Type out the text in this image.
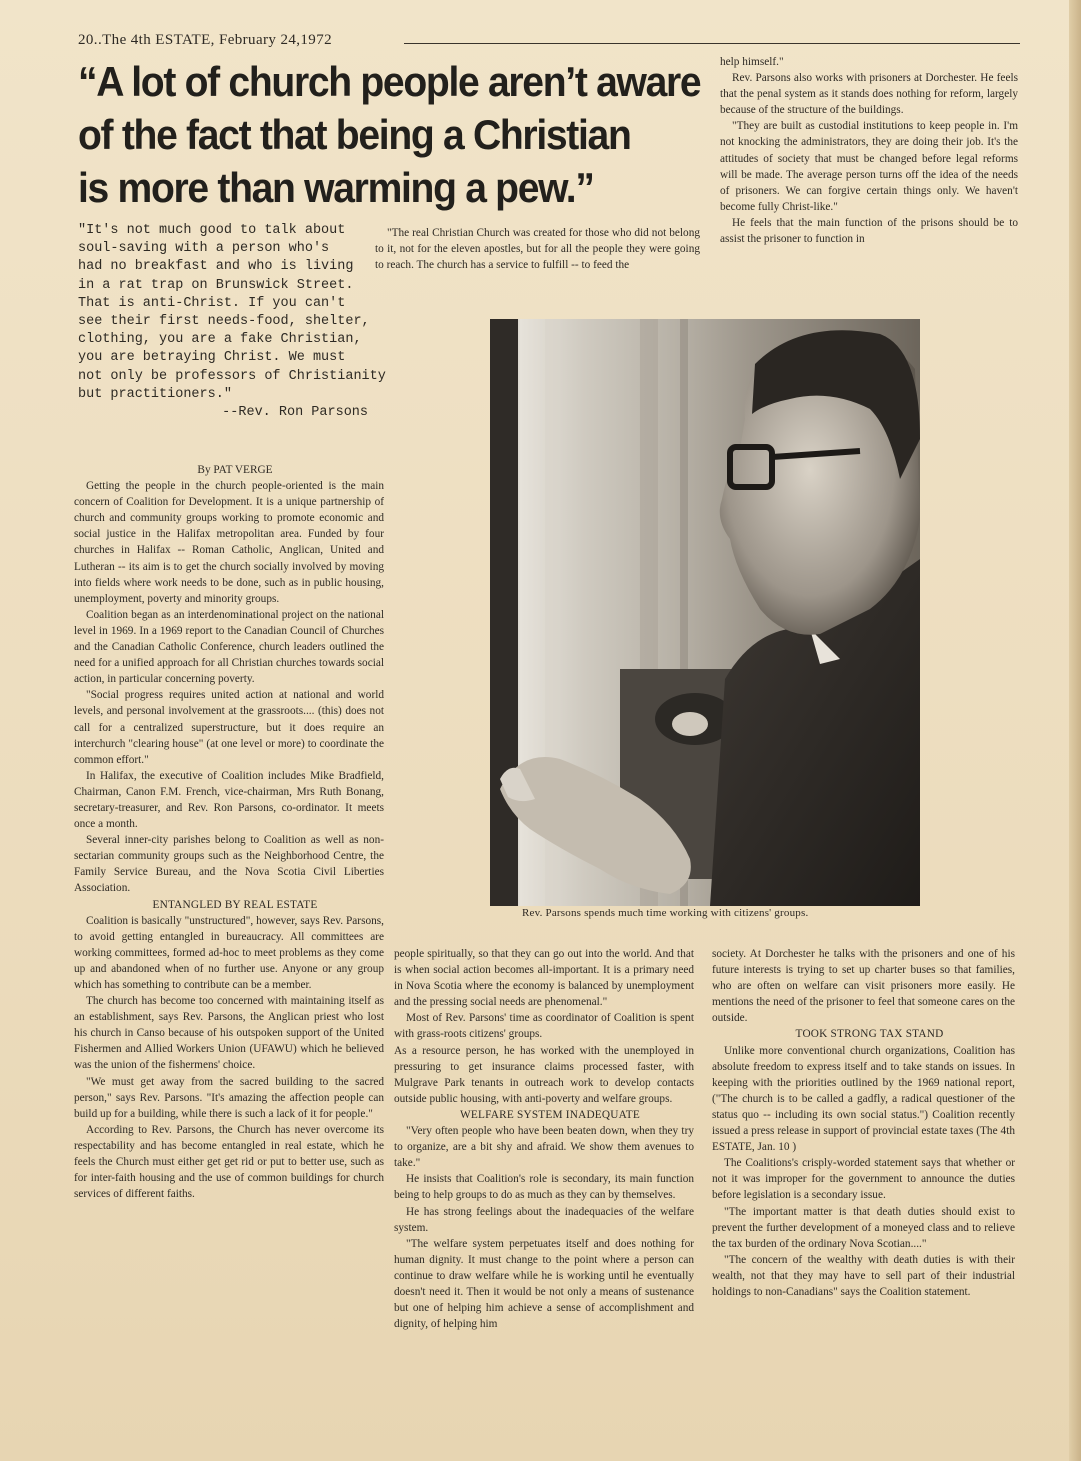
20..The 4th ESTATE, February 24,1972
“A lot of church people aren’t aware
of the fact that being a Christian
is more than warming a pew.”
"It's not much good to talk about
soul-saving with a person who's
had no breakfast and who is living
in a rat trap on Brunswick Street.
That is anti-Christ. If you can't
see their first needs-food, shelter,
clothing, you are a fake Christian,
you are betraying Christ. We must
not only be professors of Christianity
but practitioners."
--Rev. Ron Parsons

By PAT VERGE

Getting the people in the church people-oriented is the main concern of Coalition for Development. It is a unique partnership of church and community groups working to promote economic and social justice in the Halifax metropolitan area. Funded by four churches in Halifax -- Roman Catholic, Anglican, United and Lutheran -- its aim is to get the church socially involved by moving into fields where work needs to be done, such as in public housing, unemployment, poverty and minority groups.

Coalition began as an interdenominational project on the national level in 1969. In a 1969 report to the Canadian Council of Churches and the Canadian Catholic Conference, church leaders outlined the need for a unified approach for all Christian churches towards social action, in particular concerning poverty.

"Social progress requires united action at national and world levels, and personal involvement at the grassroots.... (this) does not call for a centralized superstructure, but it does require an interchurch "clearing house" (at one level or more) to coordinate the common effort."

In Halifax, the executive of Coalition includes Mike Bradfield, Chairman, Canon F.M. French, vice-chairman, Mrs Ruth Bonang, secretary-treasurer, and Rev. Ron Parsons, co-ordinator. It meets once a month.

Several inner-city parishes belong to Coalition as well as non-sectarian community groups such as the Neighborhood Centre, the Family Service Bureau, and the Nova Scotia Civil Liberties Association.

ENTANGLED BY REAL ESTATE

Coalition is basically "unstructured", however, says Rev. Parsons, to avoid getting entangled in bureaucracy. All committees are working committees, formed ad-hoc to meet problems as they come up and abandoned when of no further use. Anyone or any group which has something to contribute can be a member.

The church has become too concerned with maintaining itself as an establishment, says Rev. Parsons, the Anglican priest who lost his church in Canso because of his outspoken support of the United Fishermen and Allied Workers Union (UFAWU) which he believed was the union of the fishermens' choice.

"We must get away from the sacred building to the sacred person," says Rev. Parsons. "It's amazing the affection people can build up for a building, while there is such a lack of it for people."

According to Rev. Parsons, the Church has never overcome its respectability and has become entangled in real estate, which he feels the Church must either get get rid or put to better use, such as for inter-faith housing and the use of common buildings for church services of different faiths.

"The real Christian Church was created for those who did not belong to it, not for the eleven apostles, but for all the people they were going to reach. The church has a service to fulfill -- to feed the

help himself."

Rev. Parsons also works with prisoners at Dorchester. He feels that the penal system as it stands does nothing for reform, largely because of the structure of the buildings.

"They are built as custodial institutions to keep people in. I'm not knocking the administrators, they are doing their job. It's the attitudes of society that must be changed before legal reforms will be made. The average person turns off the idea of the needs of prisoners. We can forgive certain things only. We haven't become fully Christ-like."

He feels that the main function of the prisons should be to assist the prisoner to function in

Rev. Parsons spends much time working with citizens' groups.

people spiritually, so that they can go out into the world. And that is when social action becomes all-important. It is a primary need in Nova Scotia where the economy is balanced by unemployment and the pressing social needs are phenomenal."

Most of Rev. Parsons' time as coordinator of Coalition is spent with grass-roots citizens' groups.

As a resource person, he has worked with the unemployed in pressuring to get insurance claims processed faster, with Mulgrave Park tenants in outreach work to develop contacts outside public housing, with anti-poverty and welfare groups.

WELFARE SYSTEM INADEQUATE

"Very often people who have been beaten down, when they try to organize, are a bit shy and afraid. We show them avenues to take."

He insists that Coalition's role is secondary, its main function being to help groups to do as much as they can by themselves.

He has strong feelings about the inadequacies of the welfare system.

"The welfare system perpetuates itself and does nothing for human dignity. It must change to the point where a person can continue to draw welfare while he is working until he eventually doesn't need it. Then it would be not only a means of sustenance but one of helping him achieve a sense of accomplishment and dignity, of helping him

society. At Dorchester he talks with the prisoners and one of his future interests is trying to set up charter buses so that families, who are often on welfare can visit prisoners more easily. He mentions the need of the prisoner to feel that someone cares on the outside.

TOOK STRONG TAX STAND

Unlike more conventional church organizations, Coalition has absolute freedom to express itself and to take stands on issues. In keeping with the priorities outlined by the 1969 national report, ("The church is to be called a gadfly, a radical questioner of the status quo -- including its own social status.") Coalition recently issued a press release in support of provincial estate taxes (The 4th ESTATE, Jan. 10 )

The Coalitions's crisply-worded statement says that whether or not it was improper for the government to announce the duties before legislation is a secondary issue.

"The important matter is that death duties should exist to prevent the further development of a moneyed class and to relieve the tax burden of the ordinary Nova Scotian...."

"The concern of the wealthy with death duties is with their wealth, not that they may have to sell part of their industrial holdings to non-Canadians" says the Coalition statement.
